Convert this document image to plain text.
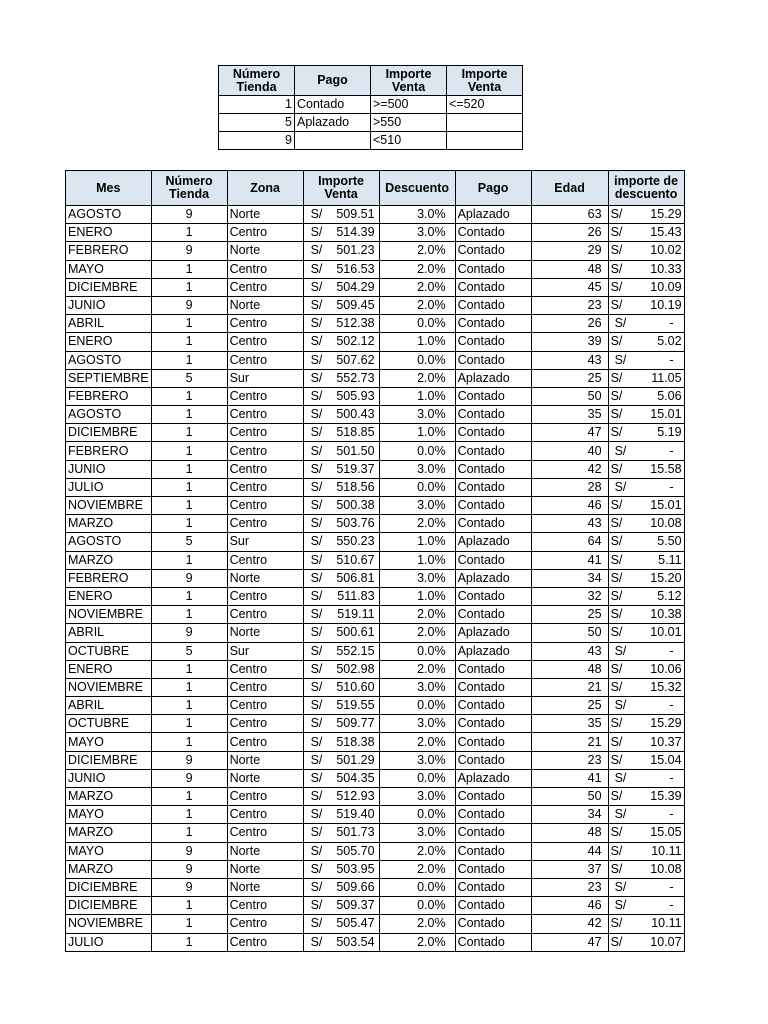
Número Tienda	Pago	Importe Venta	Importe Venta
1	Contado	>=500	<=520
5	Aplazado	>550	
9		<510	
Mes	Número Tienda	Zona	Importe Venta	Descuento	Pago	Edad	importe de descuento
AGOSTO	9	Norte	S/ 509.51	3.0%	Aplazado	63	S/ 15.29

ENERO	1	Centro	S/ 514.39	3.0%	Contado	26	S/ 15.43

FEBRERO	9	Norte	S/ 501.23	2.0%	Contado	29	S/ 10.02

MAYO	1	Centro	S/ 516.53	2.0%	Contado	48	S/ 10.33

DICIEMBRE	1	Centro	S/ 504.29	2.0%	Contado	45	S/ 10.09

JUNIO	9	Norte	S/ 509.45	2.0%	Contado	23	S/ 10.19

ABRIL	1	Centro	S/ 512.38	0.0%	Contado	26	S/ -

ENERO	1	Centro	S/ 502.12	1.0%	Contado	39	S/ 5.02

AGOSTO	1	Centro	S/ 507.62	0.0%	Contado	43	S/ -

SEPTIEMBRE	5	Sur	S/ 552.73	2.0%	Aplazado	25	S/ 11.05

FEBRERO	1	Centro	S/ 505.93	1.0%	Contado	50	S/ 5.06

AGOSTO	1	Centro	S/ 500.43	3.0%	Contado	35	S/ 15.01

DICIEMBRE	1	Centro	S/ 518.85	1.0%	Contado	47	S/ 5.19

FEBRERO	1	Centro	S/ 501.50	0.0%	Contado	40	S/ -

JUNIO	1	Centro	S/ 519.37	3.0%	Contado	42	S/ 15.58

JULIO	1	Centro	S/ 518.56	0.0%	Contado	28	S/ -

NOVIEMBRE	1	Centro	S/ 500.38	3.0%	Contado	46	S/ 15.01

MARZO	1	Centro	S/ 503.76	2.0%	Contado	43	S/ 10.08

AGOSTO	5	Sur	S/ 550.23	1.0%	Aplazado	64	S/ 5.50

MARZO	1	Centro	S/ 510.67	1.0%	Contado	41	S/ 5.11

FEBRERO	9	Norte	S/ 506.81	3.0%	Aplazado	34	S/ 15.20

ENERO	1	Centro	S/ 511.83	1.0%	Contado	32	S/ 5.12

NOVIEMBRE	1	Centro	S/ 519.11	2.0%	Contado	25	S/ 10.38

ABRIL	9	Norte	S/ 500.61	2.0%	Aplazado	50	S/ 10.01

OCTUBRE	5	Sur	S/ 552.15	0.0%	Aplazado	43	S/ -

ENERO	1	Centro	S/ 502.98	2.0%	Contado	48	S/ 10.06

NOVIEMBRE	1	Centro	S/ 510.60	3.0%	Contado	21	S/ 15.32

ABRIL	1	Centro	S/ 519.55	0.0%	Contado	25	S/ -

OCTUBRE	1	Centro	S/ 509.77	3.0%	Contado	35	S/ 15.29

MAYO	1	Centro	S/ 518.38	2.0%	Contado	21	S/ 10.37

DICIEMBRE	9	Norte	S/ 501.29	3.0%	Contado	23	S/ 15.04

JUNIO	9	Norte	S/ 504.35	0.0%	Aplazado	41	S/ -

MARZO	1	Centro	S/ 512.93	3.0%	Contado	50	S/ 15.39

MAYO	1	Centro	S/ 519.40	0.0%	Contado	34	S/ -

MARZO	1	Centro	S/ 501.73	3.0%	Contado	48	S/ 15.05

MAYO	9	Norte	S/ 505.70	2.0%	Contado	44	S/ 10.11

MARZO	9	Norte	S/ 503.95	2.0%	Contado	37	S/ 10.08

DICIEMBRE	9	Norte	S/ 509.66	0.0%	Contado	23	S/ -

DICIEMBRE	1	Centro	S/ 509.37	0.0%	Contado	46	S/ -

NOVIEMBRE	1	Centro	S/ 505.47	2.0%	Contado	42	S/ 10.11

JULIO	1	Centro	S/ 503.54	2.0%	Contado	47	S/ 10.07
